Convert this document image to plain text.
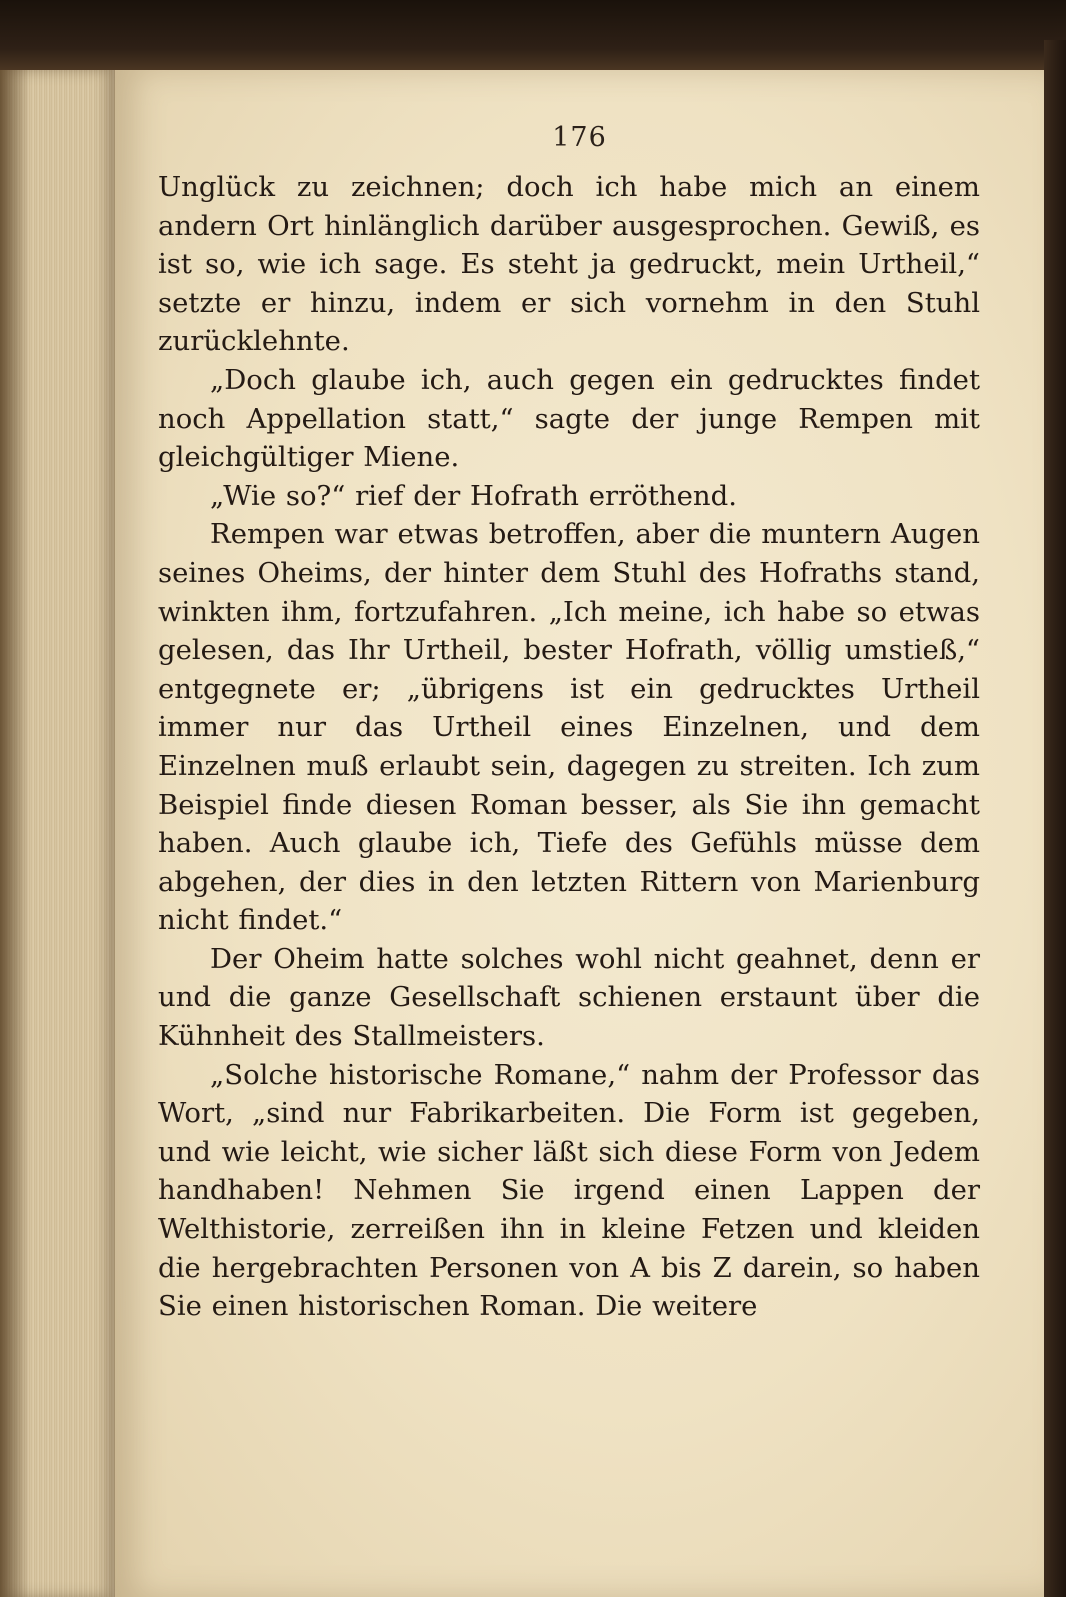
176

Unglück zu zeichnen; doch ich habe mich an einem andern Ort hinlänglich darüber ausgesprochen. Gewiß, es ist so, wie ich sage. Es steht ja gedruckt, mein Urtheil,“ setzte er hinzu, indem er sich vornehm in den Stuhl zurücklehnte.

„Doch glaube ich, auch gegen ein gedrucktes findet noch Appellation statt,“ sagte der junge Rempen mit gleichgültiger Miene.

„Wie so?“ rief der Hofrath erröthend.

Rempen war etwas betroffen, aber die muntern Augen seines Oheims, der hinter dem Stuhl des Hofraths stand, winkten ihm, fortzufahren. „Ich meine, ich habe so etwas gelesen, das Ihr Urtheil, bester Hofrath, völlig umstieß,“ entgegnete er; „übrigens ist ein gedrucktes Urtheil immer nur das Urtheil eines Einzelnen, und dem Einzelnen muß erlaubt sein, dagegen zu streiten. Ich zum Beispiel finde diesen Roman besser, als Sie ihn gemacht haben. Auch glaube ich, Tiefe des Gefühls müsse dem abgehen, der dies in den letzten Rittern von Marienburg nicht findet.“

Der Oheim hatte solches wohl nicht geahnet, denn er und die ganze Gesellschaft schienen erstaunt über die Kühnheit des Stallmeisters.

„Solche historische Romane,“ nahm der Professor das Wort, „sind nur Fabrikarbeiten. Die Form ist gegeben, und wie leicht, wie sicher läßt sich diese Form von Jedem handhaben! Nehmen Sie irgend einen Lappen der Welthistorie, zerreißen ihn in kleine Fetzen und kleiden die hergebrachten Personen von A bis Z darein, so haben Sie einen historischen Roman. Die weitere
